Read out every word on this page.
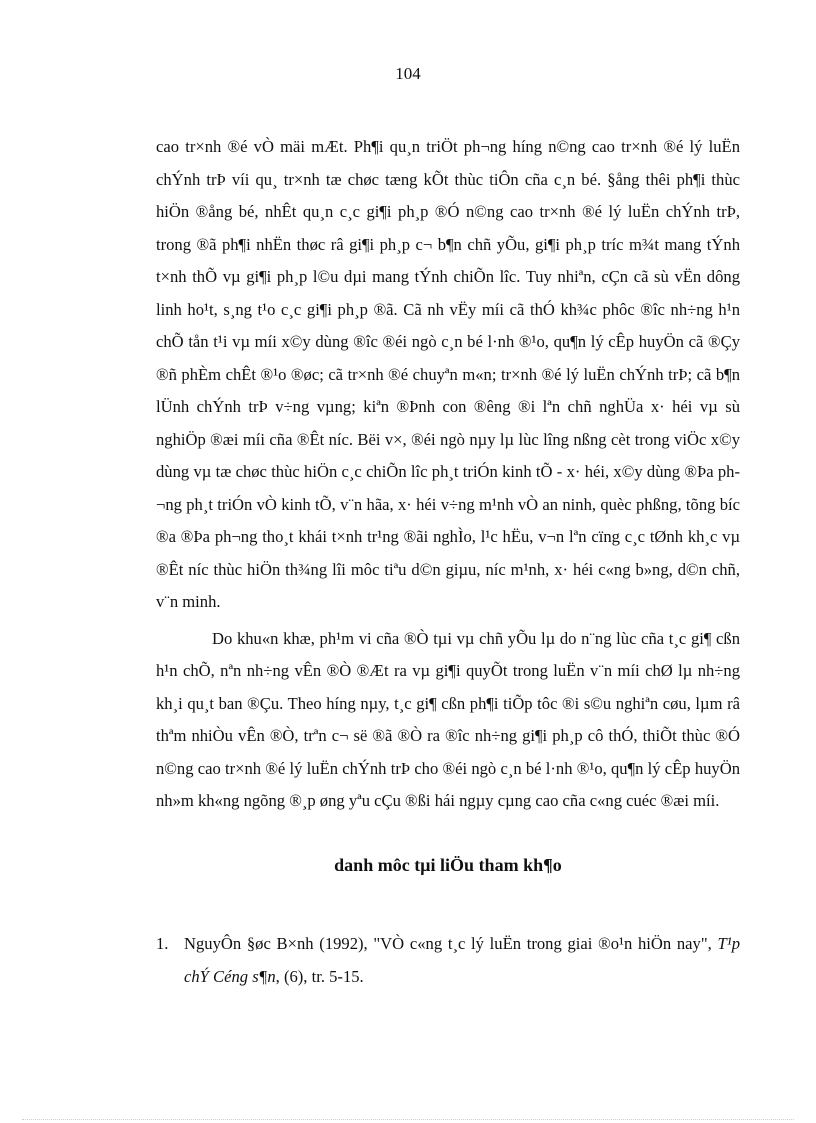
104

cao tr×nh ®é vÒ mäi mÆt. Ph¶i qu¸n triÖt ph¬ng híng n©ng cao tr×nh ®é lý luËn chÝnh trÞ víi qu¸ tr×nh tæ chøc tæng kÕt thùc tiÔn cña c¸n bé. §ång thêi ph¶i thùc hiÖn ®ång bé, nhÊt qu¸n c¸c gi¶i ph¸p ®Ó n©ng cao tr×nh ®é lý luËn chÝnh trÞ, trong ®ã ph¶i nhËn thøc râ gi¶i ph¸p c¬ b¶n chñ yÕu, gi¶i ph¸p tríc m¾t mang tÝnh t×nh thÕ vµ gi¶i ph¸p l©u dµi mang tÝnh chiÕn lîc. Tuy nhiªn, cÇn cã sù vËn dông linh ho¹t, s¸ng t¹o c¸c gi¶i ph¸p ®ã. Cã nh vËy míi cã thÓ kh¾c phôc ®îc nh÷ng h¹n chÕ tån t¹i vµ míi x©y dùng ®îc ®éi ngò c¸n bé l·nh ®¹o, qu¶n lý cÊp huyÖn cã ®Çy ®ñ phÈm chÊt ®¹o ®øc; cã tr×nh ®é chuyªn m«n; tr×nh ®é lý luËn chÝnh trÞ; cã b¶n lÜnh chÝnh trÞ v÷ng vµng; kiªn ®Þnh con ®êng ®i lªn chñ nghÜa x· héi vµ sù nghiÖp ®æi míi cña ®Êt níc. Bëi v×, ®éi ngò nµy lµ lùc lîng nßng cèt trong viÖc x©y dùng vµ tæ chøc thùc hiÖn c¸c chiÕn lîc ph¸t triÓn kinh tÕ - x· héi, x©y dùng ®Þa ph¬ng ph¸t triÓn vÒ kinh tÕ, v¨n hãa, x· héi v÷ng m¹nh vÒ an ninh, quèc phßng, tõng bíc ®a ®Þa ph¬ng tho¸t khái t×nh tr¹ng ®ãi nghÌo, l¹c hËu, v¬n lªn cïng c¸c tØnh kh¸c vµ ®Êt níc thùc hiÖn th¾ng lîi môc tiªu d©n giµu, níc m¹nh, x· héi c«ng b»ng, d©n chñ, v¨n minh.

Do khu«n khæ, ph¹m vi cña ®Ò tµi vµ chñ yÕu lµ do n¨ng lùc cña t¸c gi¶ cßn h¹n chÕ, nªn nh÷ng vÊn ®Ò ®Æt ra vµ gi¶i quyÕt trong luËn v¨n míi chØ lµ nh÷ng kh¸i qu¸t ban ®Çu. Theo híng nµy, t¸c gi¶ cßn ph¶i tiÕp tôc ®i s©u nghiªn cøu, lµm râ thªm nhiÒu vÊn ®Ò, trªn c¬ së ®ã ®Ò ra ®îc nh÷ng gi¶i ph¸p cô thÓ, thiÕt thùc ®Ó n©ng cao tr×nh ®é lý luËn chÝnh trÞ cho ®éi ngò c¸n bé l·nh ®¹o, qu¶n lý cÊp huyÖn nh»m kh«ng ngõng ®¸p øng yªu cÇu ®ßi hái ngµy cµng cao cña c«ng cuéc ®æi míi.

danh môc tµi liÖu tham kh¶o
1. NguyÔn §øc B×nh (1992), "VÒ c«ng t¸c lý luËn trong giai ®o¹n hiÖn nay", T¹p chÝ Céng s¶n, (6), tr. 5-15.
